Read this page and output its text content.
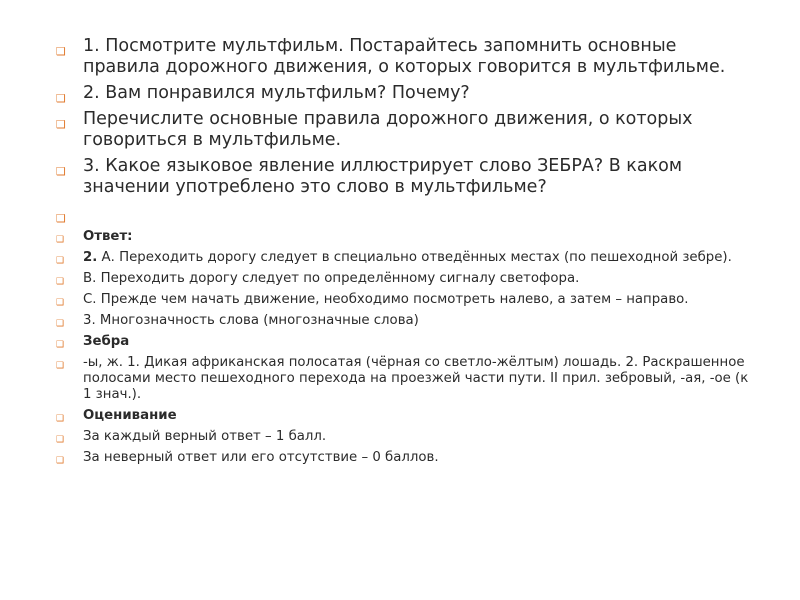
❑ 1. Посмотрите мультфильм. Постарайтесь запомнить основные правила дорожного движения, о которых говорится в мультфильме.
❑ 2. Вам понравился мультфильм? Почему?
❑ Перечислите основные правила дорожного движения, о которых говориться в мультфильме.
❑ 3. Какое языковое явление иллюстрирует слово ЗЕБРА? В каком значении употреблено это слово в мультфильме?
❑

❑ Ответ:
❑ 2. А. Переходить дорогу следует в специально отведённых местах (по пешеходной зебре).
❑ В. Переходить дорогу следует по определённому сигналу светофора.
❑ С. Прежде чем начать движение, необходимо посмотреть налево, а затем – направо.
❑ 3. Многозначность слова (многозначные слова)
❑ Зебра
❑ -ы, ж. 1. Дикая африканская полосатая (чёрная со светло-жёлтым) лошадь. 2. Раскрашенное полосами место пешеходного перехода на проезжей части пути. II прил. зебровый, -ая, -ое (к 1 знач.).
❑ Оценивание
❑ За каждый верный ответ – 1 балл.
❑ За неверный ответ или его отсутствие – 0 баллов.
